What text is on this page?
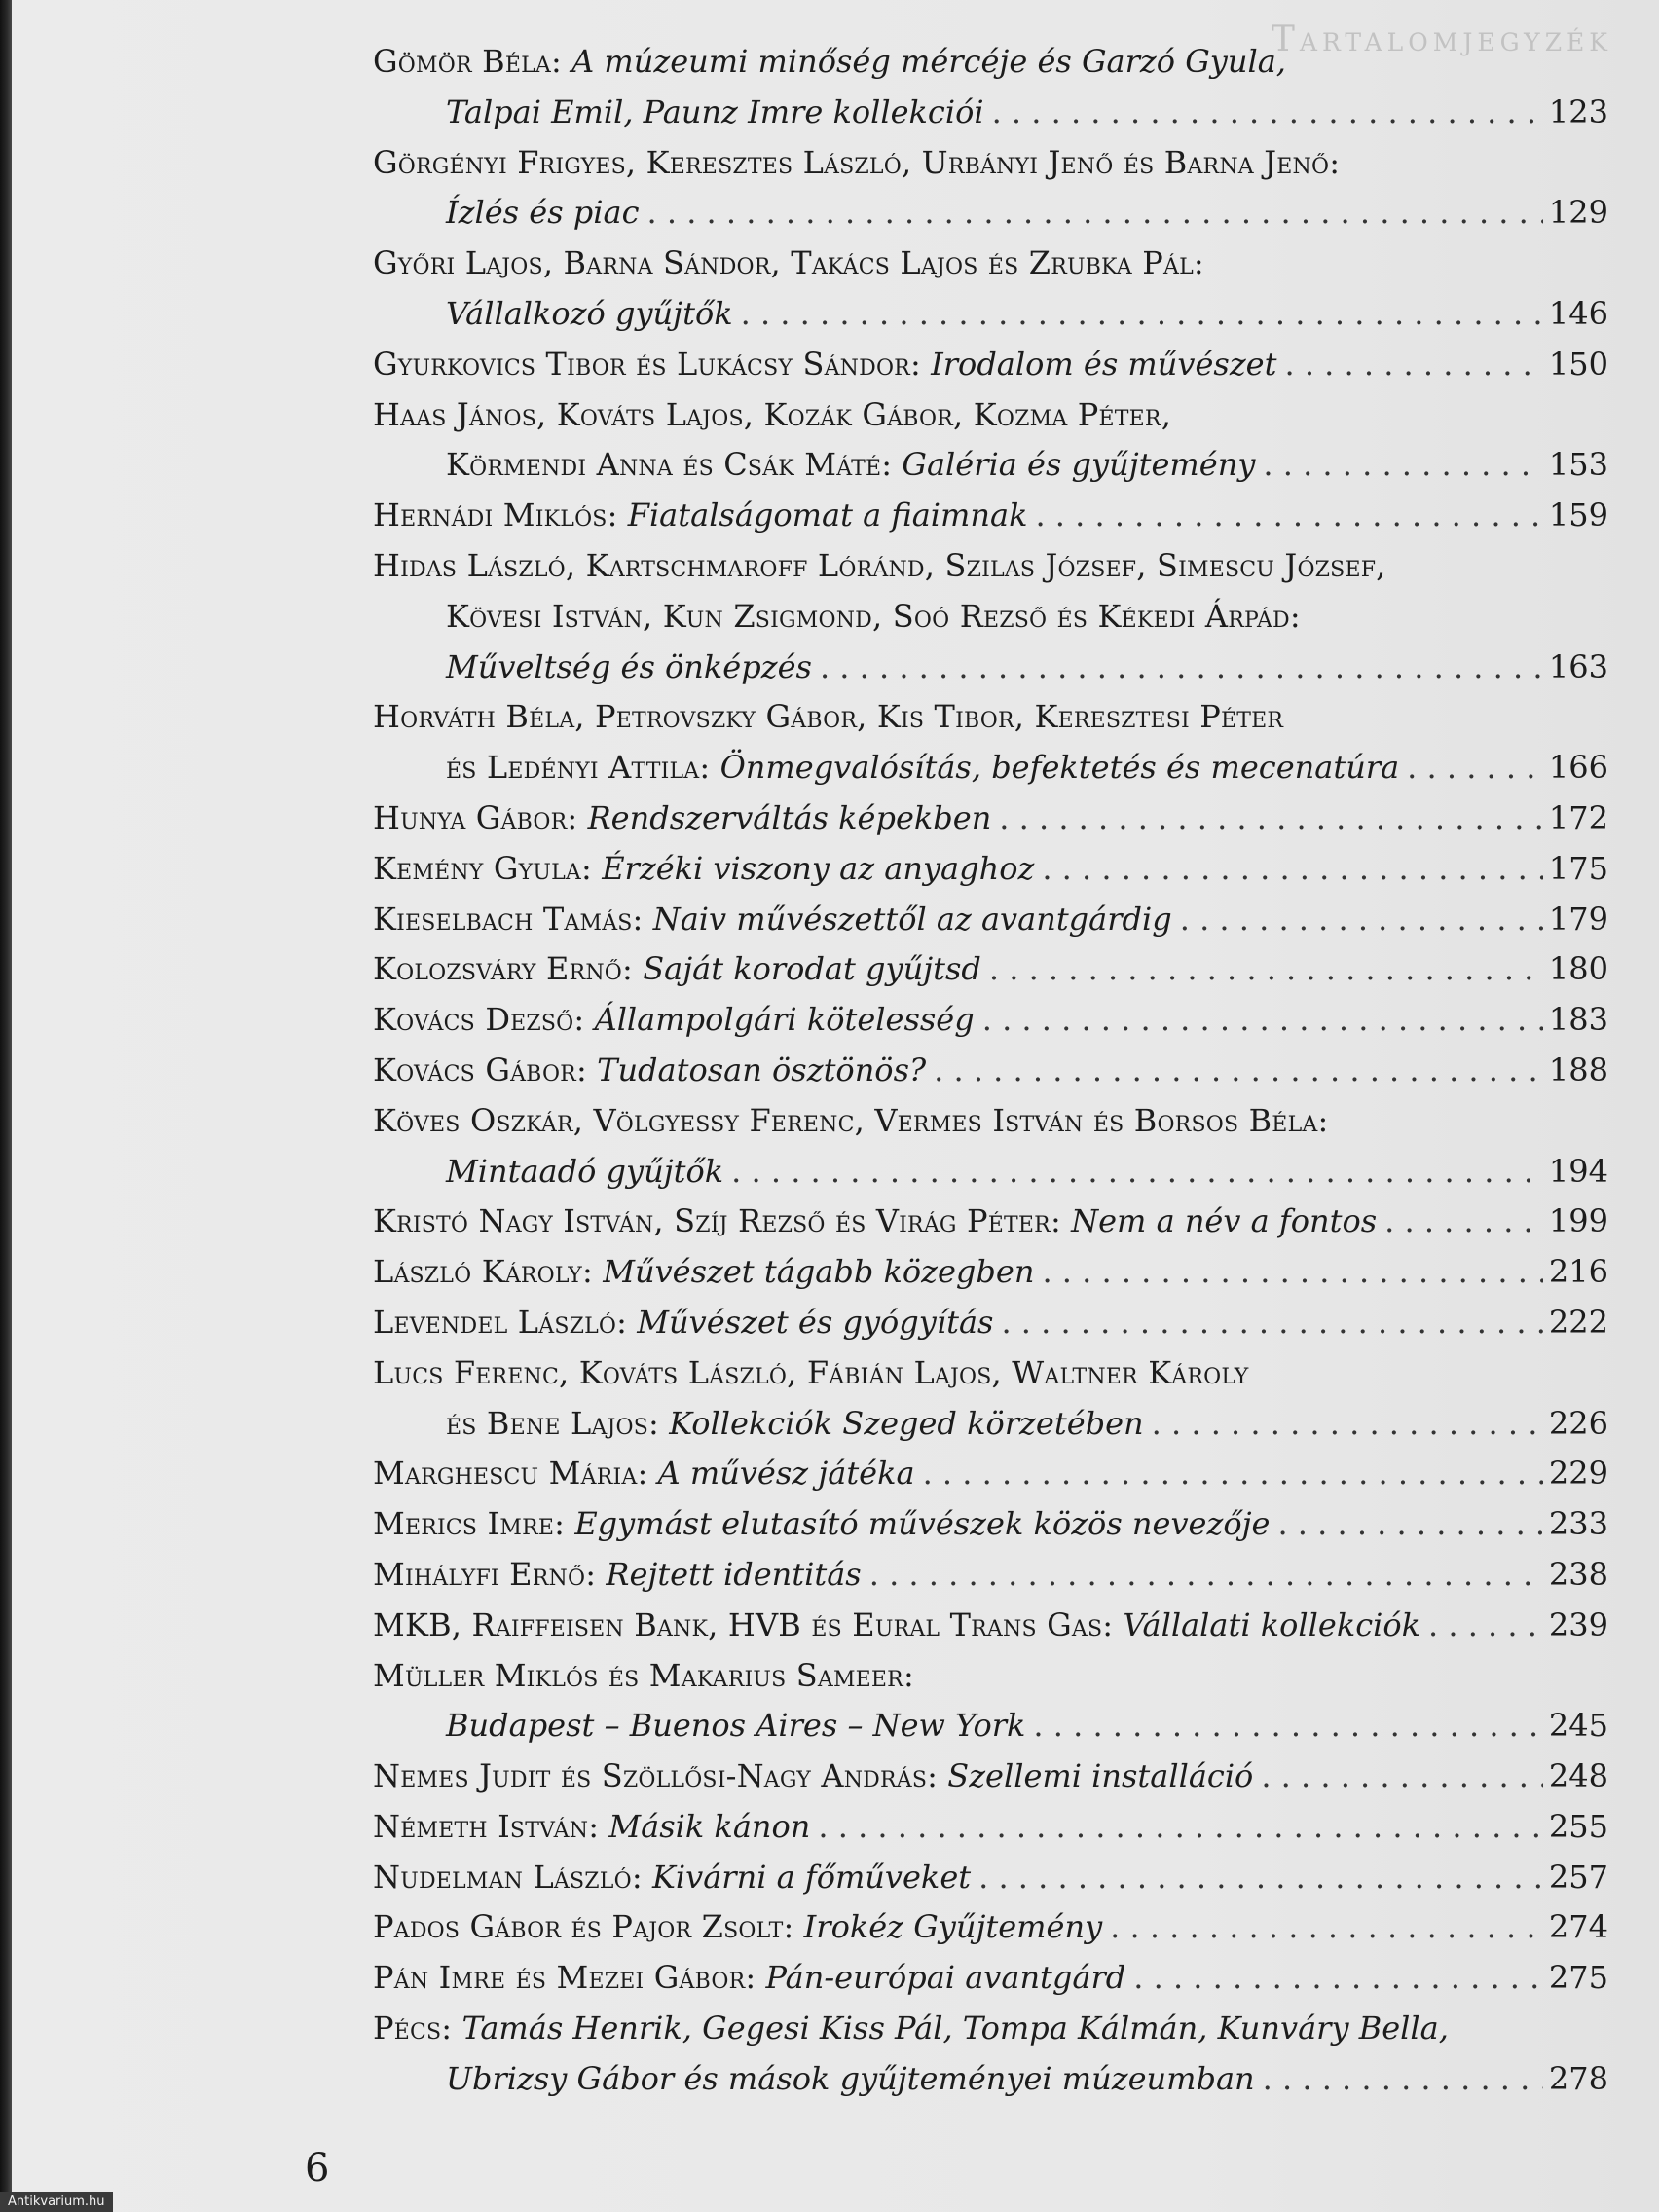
Tartalomjegyzék
Gömör Béla: A múzeumi minőség mércéje és Garzó Gyula,
Talpai Emil, Paunz Imre kollekciói . . .	123
Görgényi Frigyes, Keresztes László, Urbányi Jenő és Barna Jenő:
Ízlés és piac . . .	129
Győri Lajos, Barna Sándor, Takács Lajos és Zrubka Pál:
Vállalkozó gyűjtők . . .	146
Gyurkovics Tibor és Lukácsy Sándor: Irodalom és művészet . . .	150
Haas János, Kováts Lajos, Kozák Gábor, Kozma Péter,
Körmendi Anna és Csák Máté: Galéria és gyűjtemény . . .	153
Hernádi Miklós: Fiatalságomat a fiaimnak . . .	159
Hidas László, Kartschmaroff Lóránd, Szilas József, Simescu József,
Kövesi István, Kun Zsigmond, Soó Rezső és Kékedi Árpád:
Műveltség és önképzés . . .	163
Horváth Béla, Petrovszky Gábor, Kis Tibor, Keresztesi Péter
és Ledényi Attila: Önmegvalósítás, befektetés és mecenatúra . . .	166
Hunya Gábor: Rendszerváltás képekben . . .	172
Kemény Gyula: Érzéki viszony az anyaghoz . . .	175
Kieselbach Tamás: Naiv művészettől az avantgárdig . . .	179
Kolozsváry Ernő: Saját korodat gyűjtsd . . .	180
Kovács Dezső: Állampolgári kötelesség . . .	183
Kovács Gábor: Tudatosan ösztönös? . . .	188
Köves Oszkár, Völgyessy Ferenc, Vermes István és Borsos Béla:
Mintaadó gyűjtők . . .	194
Kristó Nagy István, Szíj Rezső és Virág Péter: Nem a név a fontos . . .	199
László Károly: Művészet tágabb közegben . . .	216
Levendel László: Művészet és gyógyítás . . .	222
Lucs Ferenc, Kováts László, Fábián Lajos, Waltner Károly
és Bene Lajos: Kollekciók Szeged körzetében . . .	226
Marghescu Mária: A művész játéka . . .	229
Merics Imre: Egymást elutasító művészek közös nevezője . . .	233
Mihályfi Ernő: Rejtett identitás . . .	238
MKB, Raiffeisen Bank, HVB és Eural Trans Gas: Vállalati kollekciók . . .	239
Müller Miklós és Makarius Sameer:
Budapest – Buenos Aires – New York . . .	245
Nemes Judit és Szöllősi-Nagy András: Szellemi installáció . . .	248
Németh István: Másik kánon . . .	255
Nudelman László: Kivárni a főműveket . . .	257
Pados Gábor és Pajor Zsolt: Irokéz Gyűjtemény . . .	274
Pán Imre és Mezei Gábor: Pán-európai avantgárd . . .	275
Pécs: Tamás Henrik, Gegesi Kiss Pál, Tompa Kálmán, Kunváry Bella,
Ubrizsy Gábor és mások gyűjteményei múzeumban . . .	278
6
Antikvarium.hu
